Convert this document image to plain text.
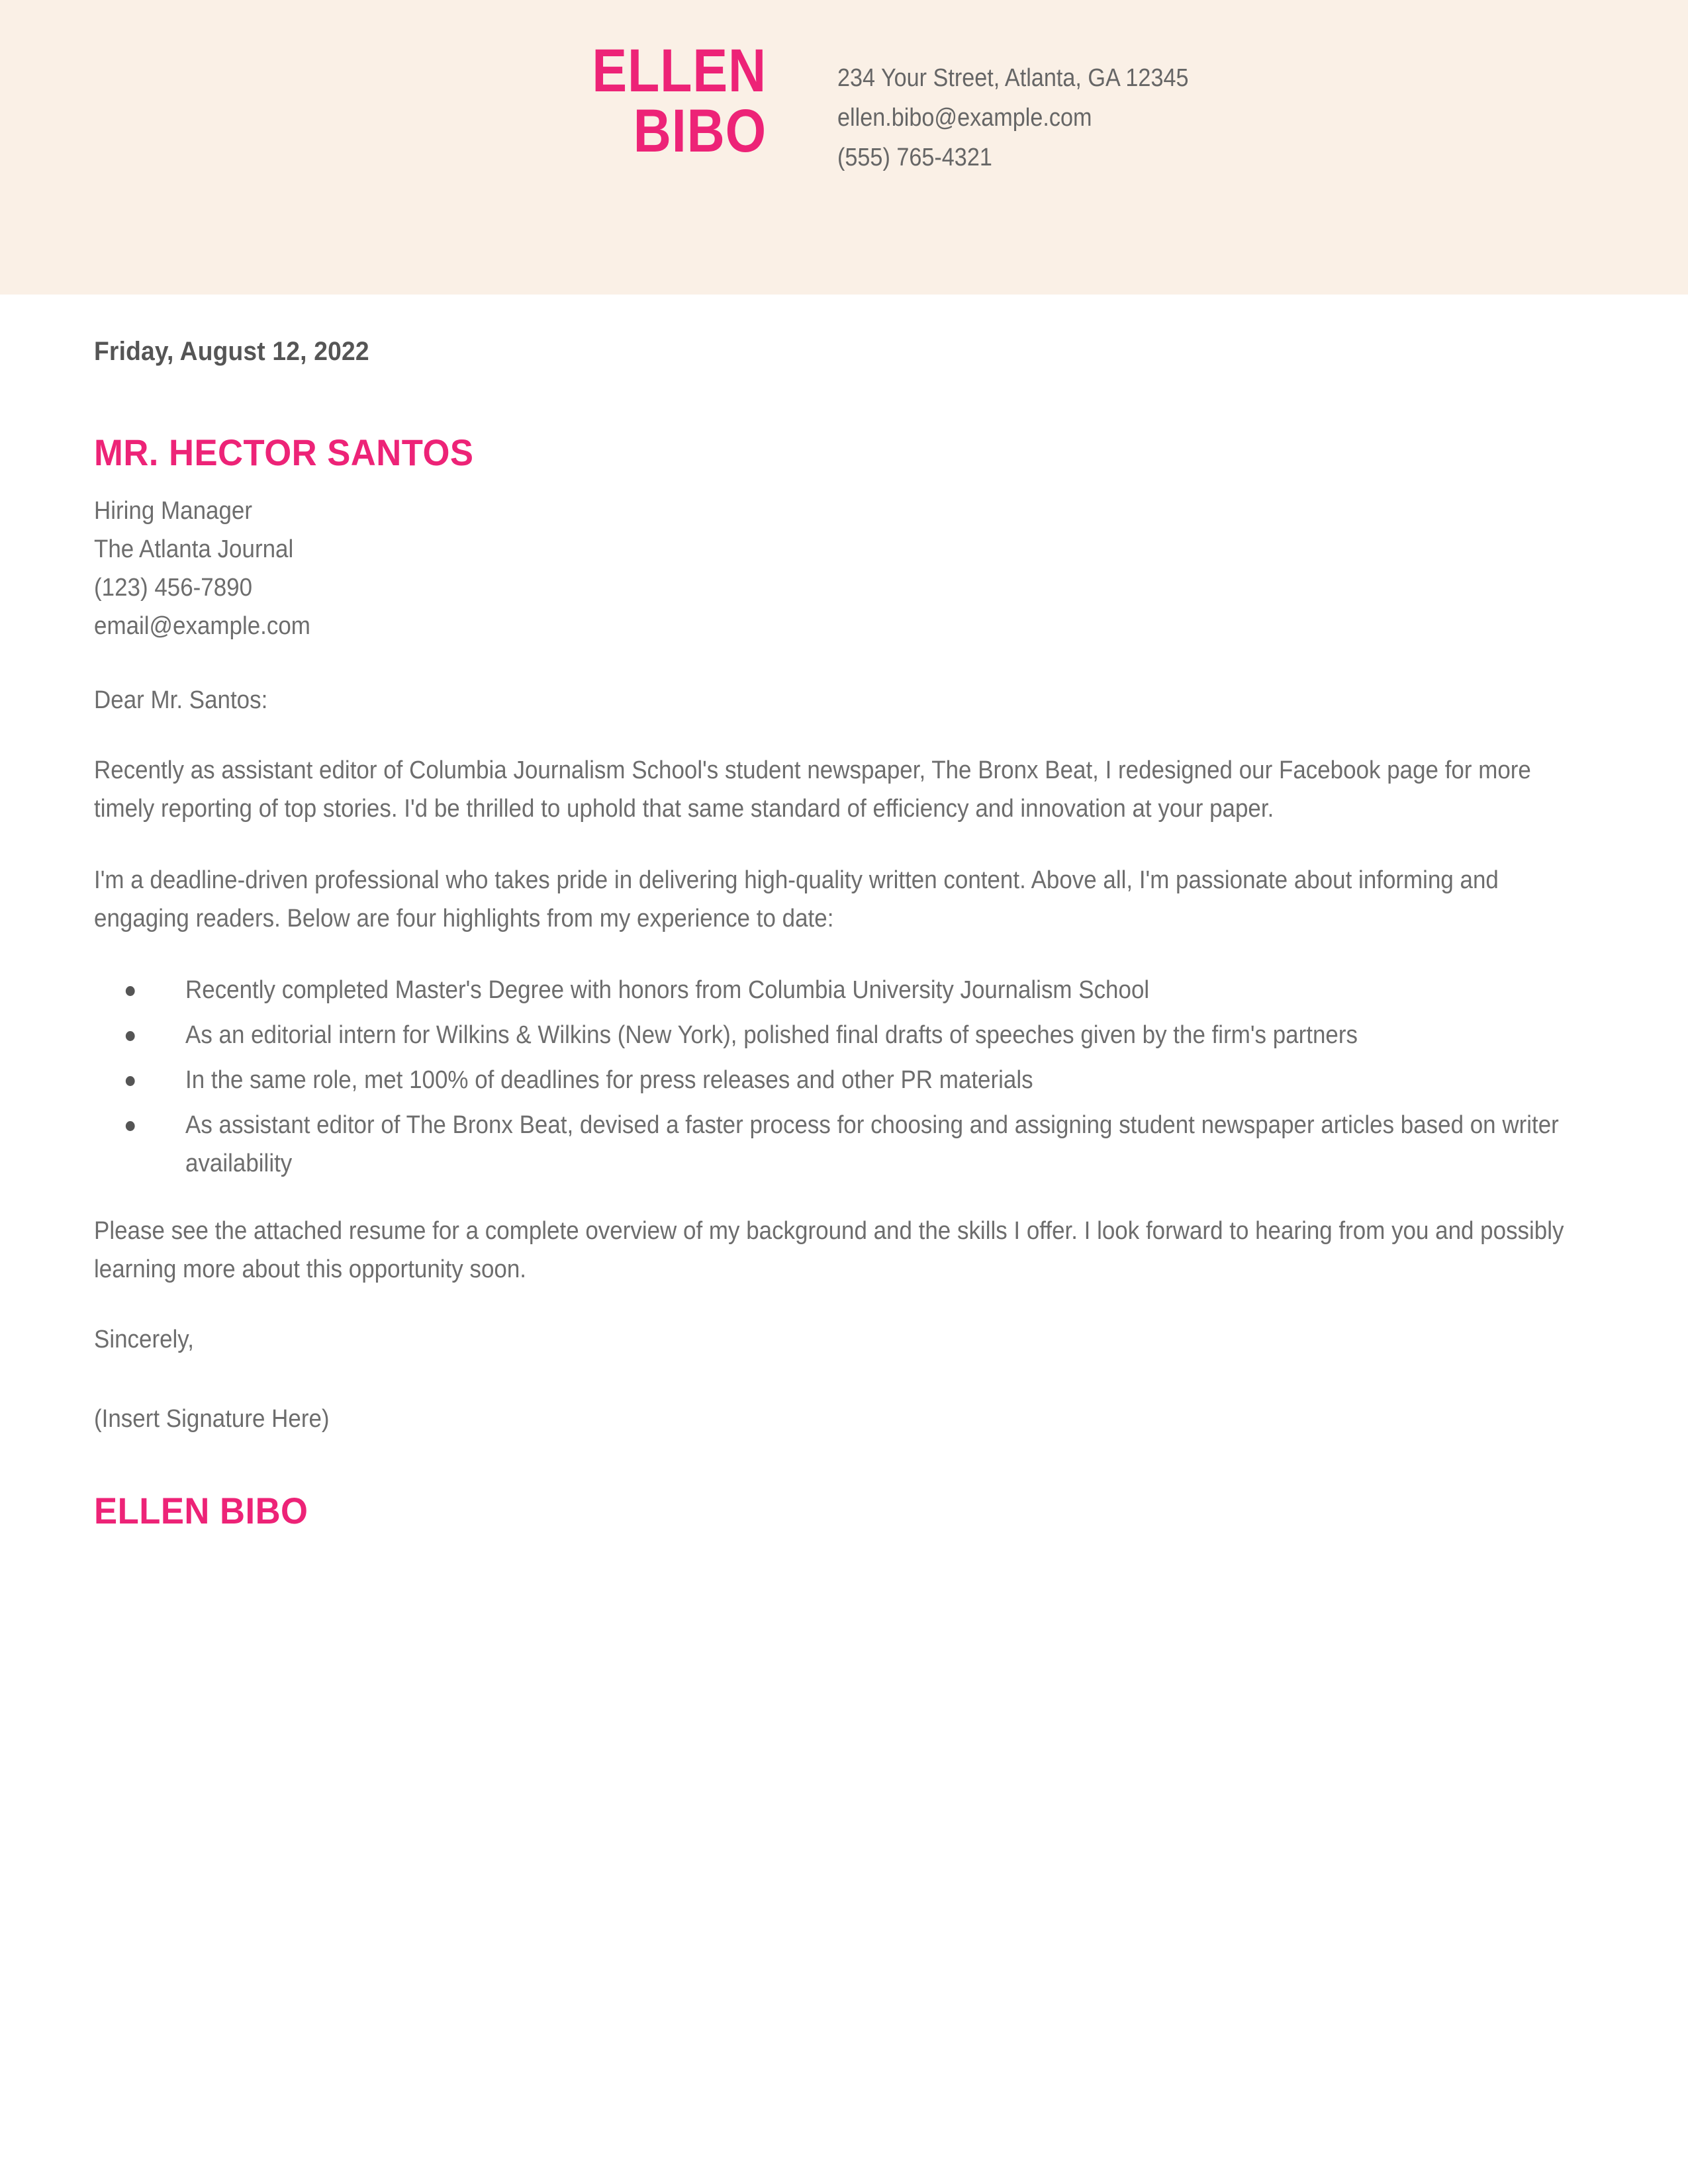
ELLEN
BIBO
234 Your Street, Atlanta, GA 12345
ellen.bibo@example.com
(555) 765-4321

Friday, August 12, 2022

MR. HECTOR SANTOS

Hiring Manager
The Atlanta Journal
(123) 456-7890
email@example.com

Dear Mr. Santos:

Recently as assistant editor of Columbia Journalism School's student newspaper, The Bronx Beat, I redesigned our Facebook page for more timely reporting of top stories. I'd be thrilled to uphold that same standard of efficiency and innovation at your paper.

I'm a deadline-driven professional who takes pride in delivering high-quality written content. Above all, I'm passionate about informing and engaging readers. Below are four highlights from my experience to date:

Recently completed Master's Degree with honors from Columbia University Journalism School
As an editorial intern for Wilkins & Wilkins (New York), polished final drafts of speeches given by the firm's partners
In the same role, met 100% of deadlines for press releases and other PR materials
As assistant editor of The Bronx Beat, devised a faster process for choosing and assigning student newspaper articles based on writer availability

Please see the attached resume for a complete overview of my background and the skills I offer. I look forward to hearing from you and possibly learning more about this opportunity soon.

Sincerely,

(Insert Signature Here)

ELLEN BIBO
